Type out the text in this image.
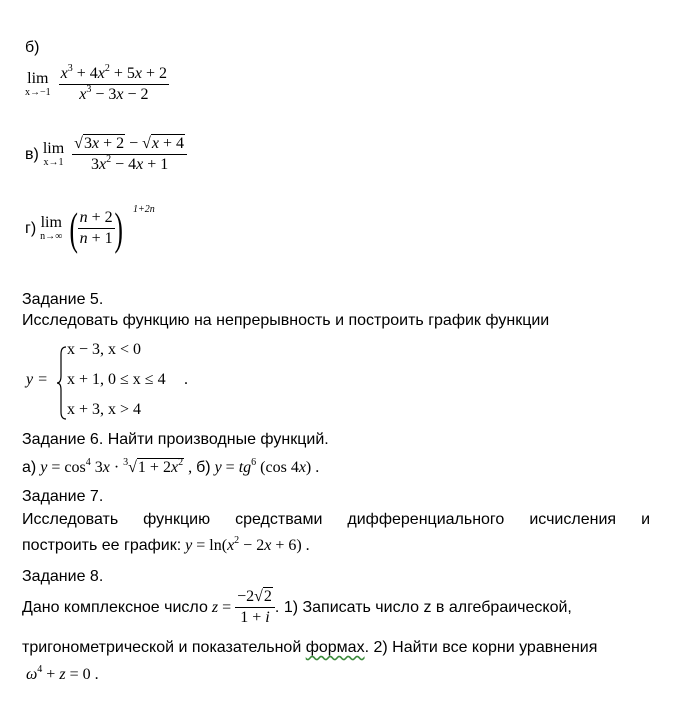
б)
lim
x→−1
$\frac{x^3 + 4x^2 + 5x + 2}{x^3 - 3x - 2}$
в) lim
x→1
$\frac{√3x + 2 - √x + 4}{3x^2 - 4x + 1}$
г) lim
n→∞ ( $\frac{n + 2}{n + 1}$ )	1+2n
Задание 5.
Исследовать функцию на непрерывность и построить график функции
y =
x − 3, x < 0
x + 1, 0 ≤ x ≤ 4 .
x + 3, x > 4
Задание 6. Найти производные функций.
а) $y = \cos^4 3x \cdot ^3√1 + 2x^2$ , б) $y = tg^6$ (cos 4x) .
Задание 7.
Исследовать функцию средствами дифференциального исчисления и
построить ее график: $y = \ln(x^2 - 2x + 6)$ .
Задание 8.
Дано комплексное число $z = \frac{-2√2}{1 + i}$ . 1) Записать число z в алгебраической,
тригонометрической и показательной формах. 2) Найти все корни уравнения
$\omega^4 + z = 0$ .
